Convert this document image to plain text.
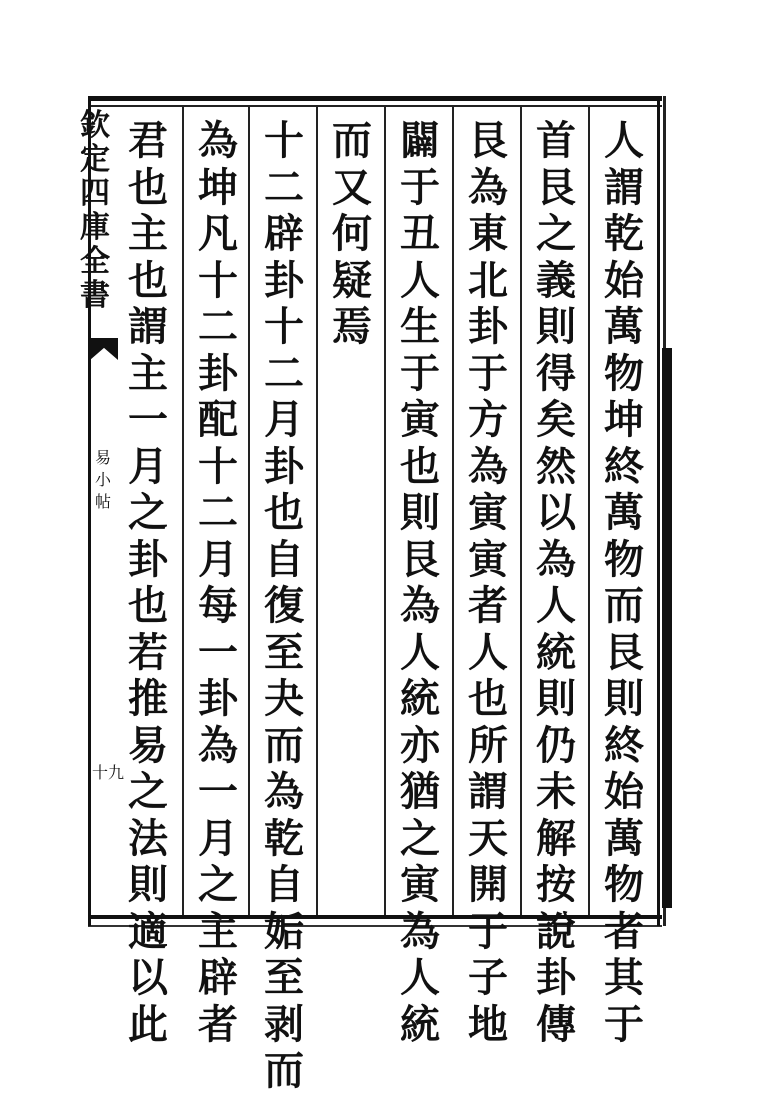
欽
定
四
庫
全
書
易
小
帖
十九
人
謂
乾
始
萬
物
坤
終
萬
物
而
艮
則
終
始
萬
物
者
其
于
首
艮
之
義
則
得
矣
然
以
為
人
統
則
仍
未
解
按
說
卦
傳
艮
為
東
北
卦
于
方
為
寅
寅
者
人
也
所
謂
天
開
于
子
地
闢
于
丑
人
生
于
寅
也
則
艮
為
人
統
亦
猶
之
寅
為
人
統
而
又
何
疑
焉
十
二
辟
卦
十
二
月
卦
也
自
復
至
夬
而
為
乾
自
姤
至
剥
而
為
坤
凡
十
二
卦
配
十
二
月
每
一
卦
為
一
月
之
主
辟
者
君
也
主
也
謂
主
一
月
之
卦
也
若
推
易
之
法
則
適
以
此
